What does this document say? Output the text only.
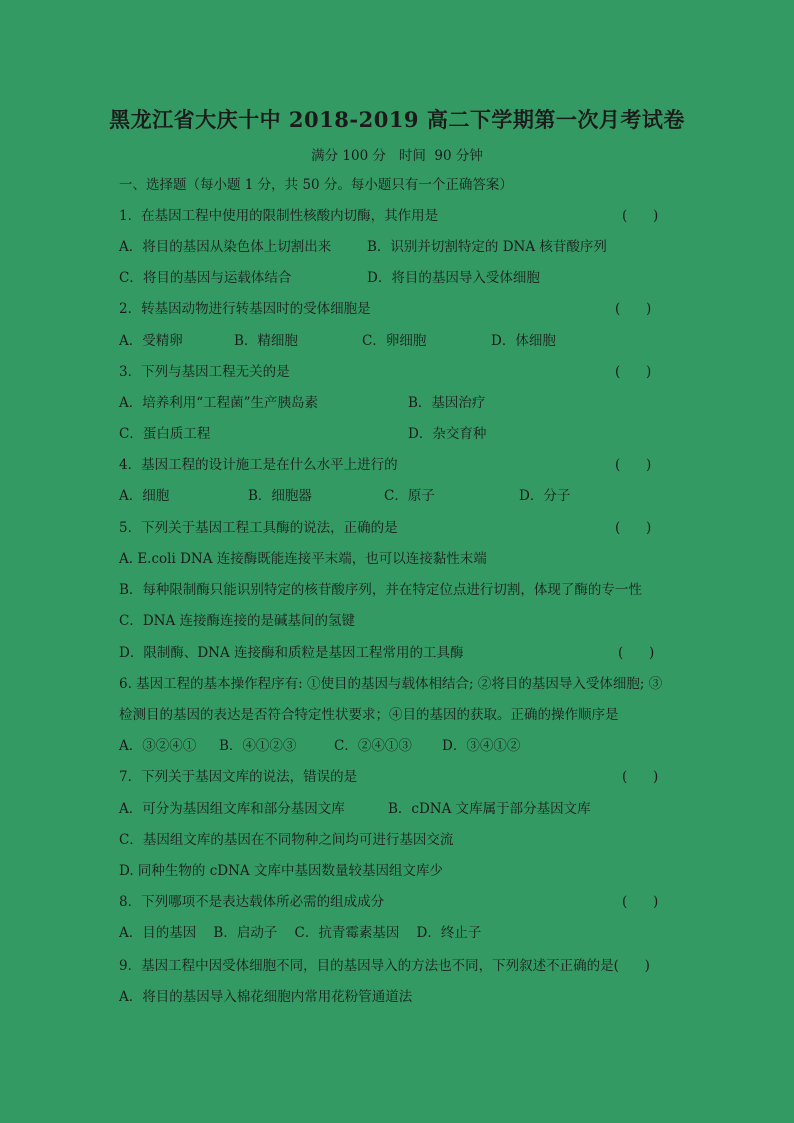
黑龙江省大庆十中 2018-2019 高二下学期第一次月考试卷
满分 100 分   时间  90 分钟
一、选择题（每小题 1 分，共 50 分。每小题只有一个正确答案）
1．在基因工程中使用的限制性核酸内切酶，其作用是	(      )
A．将目的基因从染色体上切割出来	B．识别并切割特定的 DNA 核苷酸序列
C．将目的基因与运载体结合	D．将目的基因导入受体细胞
2．转基因动物进行转基因时的受体细胞是	(      )
A．受精卵	B．精细胞	C．卵细胞	D．体细胞
3．下列与基因工程无关的是	(      )
A．培养利用“工程菌”生产胰岛素	B．基因治疗
C．蛋白质工程	D．杂交育种
4．基因工程的设计施工是在什么水平上进行的	(      )
A．细胞	B．细胞器	C．原子	D．分子
5．下列关于基因工程工具酶的说法，正确的是	(      )
A. E.coli DNA 连接酶既能连接平末端，也可以连接黏性末端
B．每种限制酶只能识别特定的核苷酸序列，并在特定位点进行切割，体现了酶的专一性
C．DNA 连接酶连接的是碱基间的氢键
D．限制酶、DNA 连接酶和质粒是基因工程常用的工具酶	(      )
6. 基因工程的基本操作程序有: ①使目的基因与载体相结合; ②将目的基因导入受体细胞; ③
检测目的基因的表达是否符合特定性状要求；④目的基因的获取。正确的操作顺序是
A．③②④① B．④①②③	C．②④①③ D．③④①②
7．下列关于基因文库的说法，错误的是	(      )
A．可分为基因组文库和部分基因文库	B．cDNA 文库属于部分基因文库
C．基因组文库的基因在不同物种之间均可进行基因交流
D. 同种生物的 cDNA 文库中基因数量较基因组文库少
8．下列哪项不是表达载体所必需的组成成分	(      )
A．目的基因    B．启动子    C．抗青霉素基因    D．终止子
9．基因工程中因受体细胞不同，目的基因导入的方法也不同，下列叙述不正确的是(      )
A．将目的基因导入棉花细胞内常用花粉管通道法
